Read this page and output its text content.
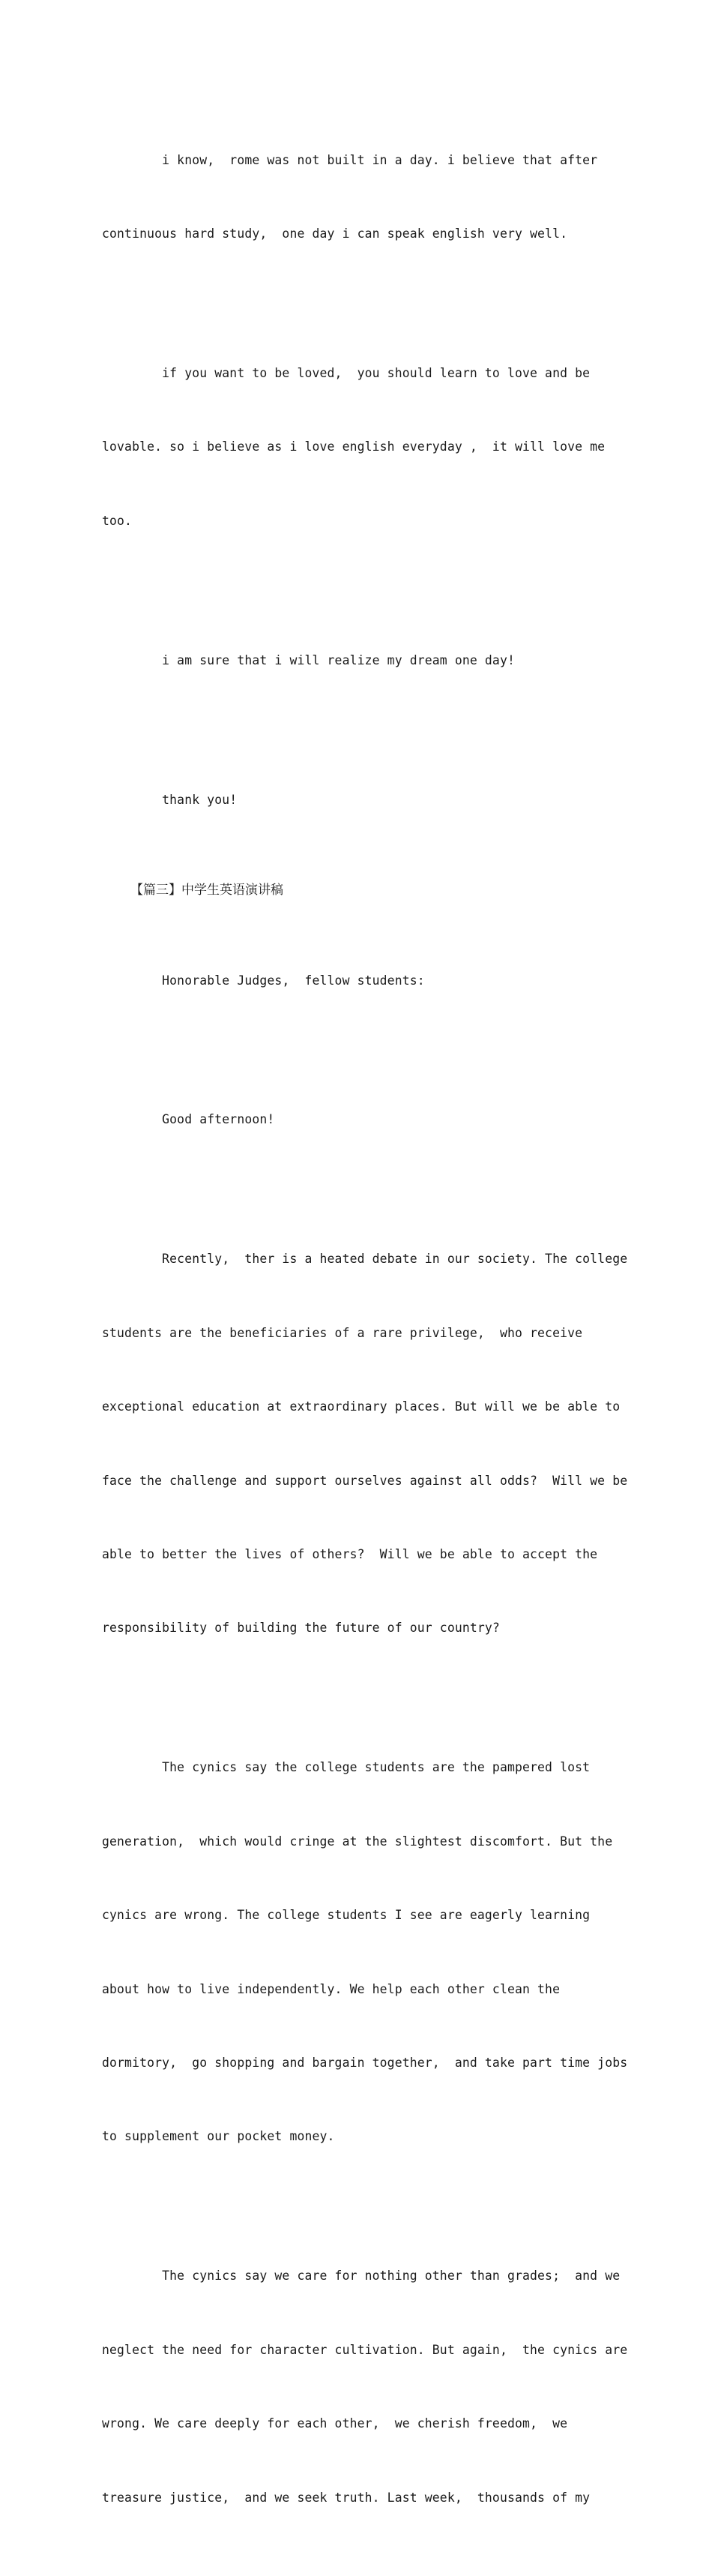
i know,  rome was not built in a day. i believe that after

continuous hard study,  one day i can speak english very well.

if you want to be loved,  you should learn to love and be

lovable. so i believe as i love english everyday ,  it will love me

too.

i am sure that i will realize my dream one day!

thank you!

【篇三】中学生英语演讲稿

Honorable Judges,  fellow students:

Good afternoon!

Recently,  ther is a heated debate in our society. The college

students are the beneficiaries of a rare privilege,  who receive

exceptional education at extraordinary places. But will we be able to

face the challenge and support ourselves against all odds?  Will we be

able to better the lives of others?  Will we be able to accept the

responsibility of building the future of our country?

The cynics say the college students are the pampered lost

generation,  which would cringe at the slightest discomfort. But the

cynics are wrong. The college students I see are eagerly learning

about how to live independently. We help each other clean the

dormitory,  go shopping and bargain together,  and take part time jobs

to supplement our pocket money.

The cynics say we care for nothing other than grades;  and we

neglect the need for character cultivation. But again,  the cynics are

wrong. We care deeply for each other,  we cherish freedom,  we

treasure justice,  and we seek truth. Last week,  thousands of my
